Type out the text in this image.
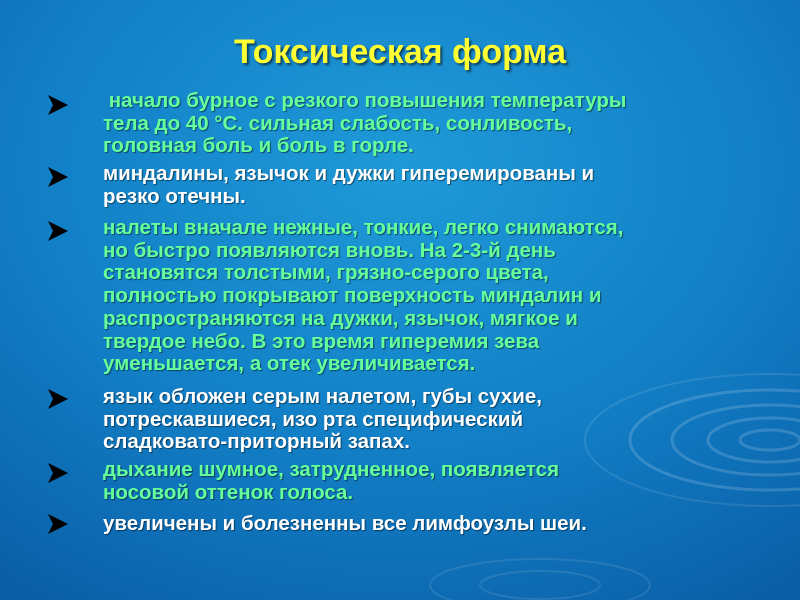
Токсическая форма
начало бурное с резкого повышения температуры
тела до 40 °С. сильная слабость, сонливость,
головная боль и боль в горле.
миндалины, язычок и дужки гиперемированы и
резко отечны.
налеты вначале нежные, тонкие, легко снимаются,
но быстро появляются вновь. На 2-3-й день
становятся толстыми, грязно-серого цвета,
полностью покрывают поверхность миндалин и
распространяются на дужки, язычок, мягкое и
твердое небо. В это время гиперемия зева
уменьшается, а отек увеличивается.
язык обложен серым налетом, губы сухие,
потрескавшиеся, изо рта специфический
сладковато-приторный запах.
дыхание шумное, затрудненное, появляется
носовой оттенок голоса.
увеличены и болезненны все лимфоузлы шеи.
